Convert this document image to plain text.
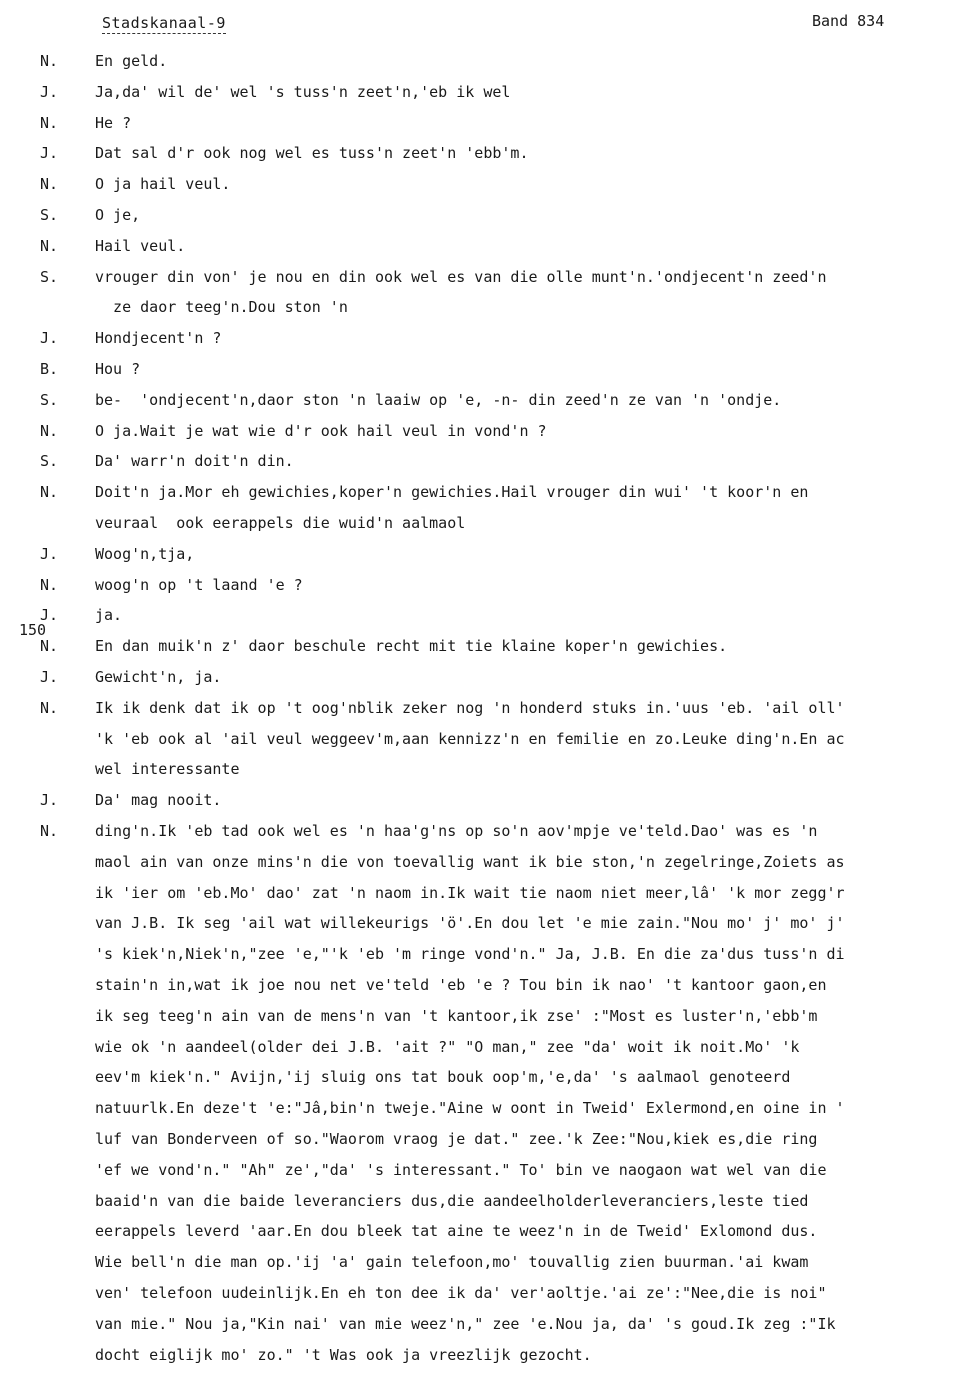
Stadskanaal-9	Band 834
150
N. En geld.
J. Ja,da' wil de' wel 's tuss'n zeet'n,'eb ik wel
N. He ?
J. Dat sal d'r ook nog wel es tuss'n zeet'n 'ebb'm.
N. O ja hail veul.
S. O je,
N. Hail veul.
S. vrouger din von' je nou en din ook wel es van die olle munt'n.'ondjecent'n zeed'n
ze daor teeg'n.Dou ston 'n
J. Hondjecent'n ?
B. Hou ?
S. be-  'ondjecent'n,daor ston 'n laaiw op 'e, -n- din zeed'n ze van 'n 'ondje.
N. O ja.Wait je wat wie d'r ook hail veul in vond'n ?
S. Da' warr'n doit'n din.
N. Doit'n ja.Mor eh gewichies,koper'n gewichies.Hail vrouger din wui' 't koor'n en
veuraal  ook eerappels die wuid'n aalmaol
J. Woog'n,tja,
N. woog'n op 't laand 'e ?
J. ja.
N. En dan muik'n z' daor beschule recht mit tie klaine koper'n gewichies.
J. Gewicht'n, ja.
N. Ik ik denk dat ik op 't oog'nblik zeker nog 'n honderd stuks in.'uus 'eb. 'ail oll'
'k 'eb ook al 'ail veul weggeev'm,aan kennizz'n en femilie en zo.Leuke ding'n.En ac
wel interessante
J. Da' mag nooit.
N. ding'n.Ik 'eb tad ook wel es 'n haa'g'ns op so'n aov'mpje ve'teld.Dao' was es 'n
maol ain van onze mins'n die von toevallig want ik bie ston,'n zegelringe,Zoiets as
ik 'ier om 'eb.Mo' dao' zat 'n naom in.Ik wait tie naom niet meer,lâ' 'k mor zegg'r
van J.B. Ik seg 'ail wat willekeurigs 'ö'.En dou let 'e mie zain."Nou mo' j' mo' j'
's kiek'n,Niek'n,"zee 'e,"'k 'eb 'm ringe vond'n." Ja, J.B. En die za'dus tuss'n di
stain'n in,wat ik joe nou net ve'teld 'eb 'e ? Tou bin ik nao' 't kantoor gaon,en
ik seg teeg'n ain van de mens'n van 't kantoor,ik zse' :"Most es luster'n,'ebb'm
wie ok 'n aandeel(older dei J.B. 'ait ?" "O man," zee "da' woit ik noit.Mo' 'k
eev'm kiek'n." Avijn,'ij sluig ons tat bouk oop'm,'e,da' 's aalmaol genoteerd
natuurlk.En deze't 'e:"Jâ,bin'n tweje."Aine w oont in Tweid' Exlermond,en oine in '
luf van Bonderveen of so."Waorom vraog je dat." zee.'k Zee:"Nou,kiek es,die ring
'ef we vond'n." "Ah" ze',"da' 's interessant." To' bin ve naogaon wat wel van die
baaid'n van die baide leveranciers dus,die aandeelholderleveranciers,leste tied
eerappels leverd 'aar.En dou bleek tat aine te weez'n in de Tweid' Exlomond dus.
Wie bell'n die man op.'ij 'a' gain telefoon,mo' touvallig zien buurman.'ai kwam
ven' telefoon uudeinlijk.En eh ton dee ik da' ver'aoltje.'ai ze':"Nee,die is noi"
van mie." Nou ja,"Kin nai' van mie weez'n," zee 'e.Nou ja, da' 's goud.Ik zeg :"Ik
docht eiglijk mo' zo." 't Was ook ja vreezlijk gezocht.
